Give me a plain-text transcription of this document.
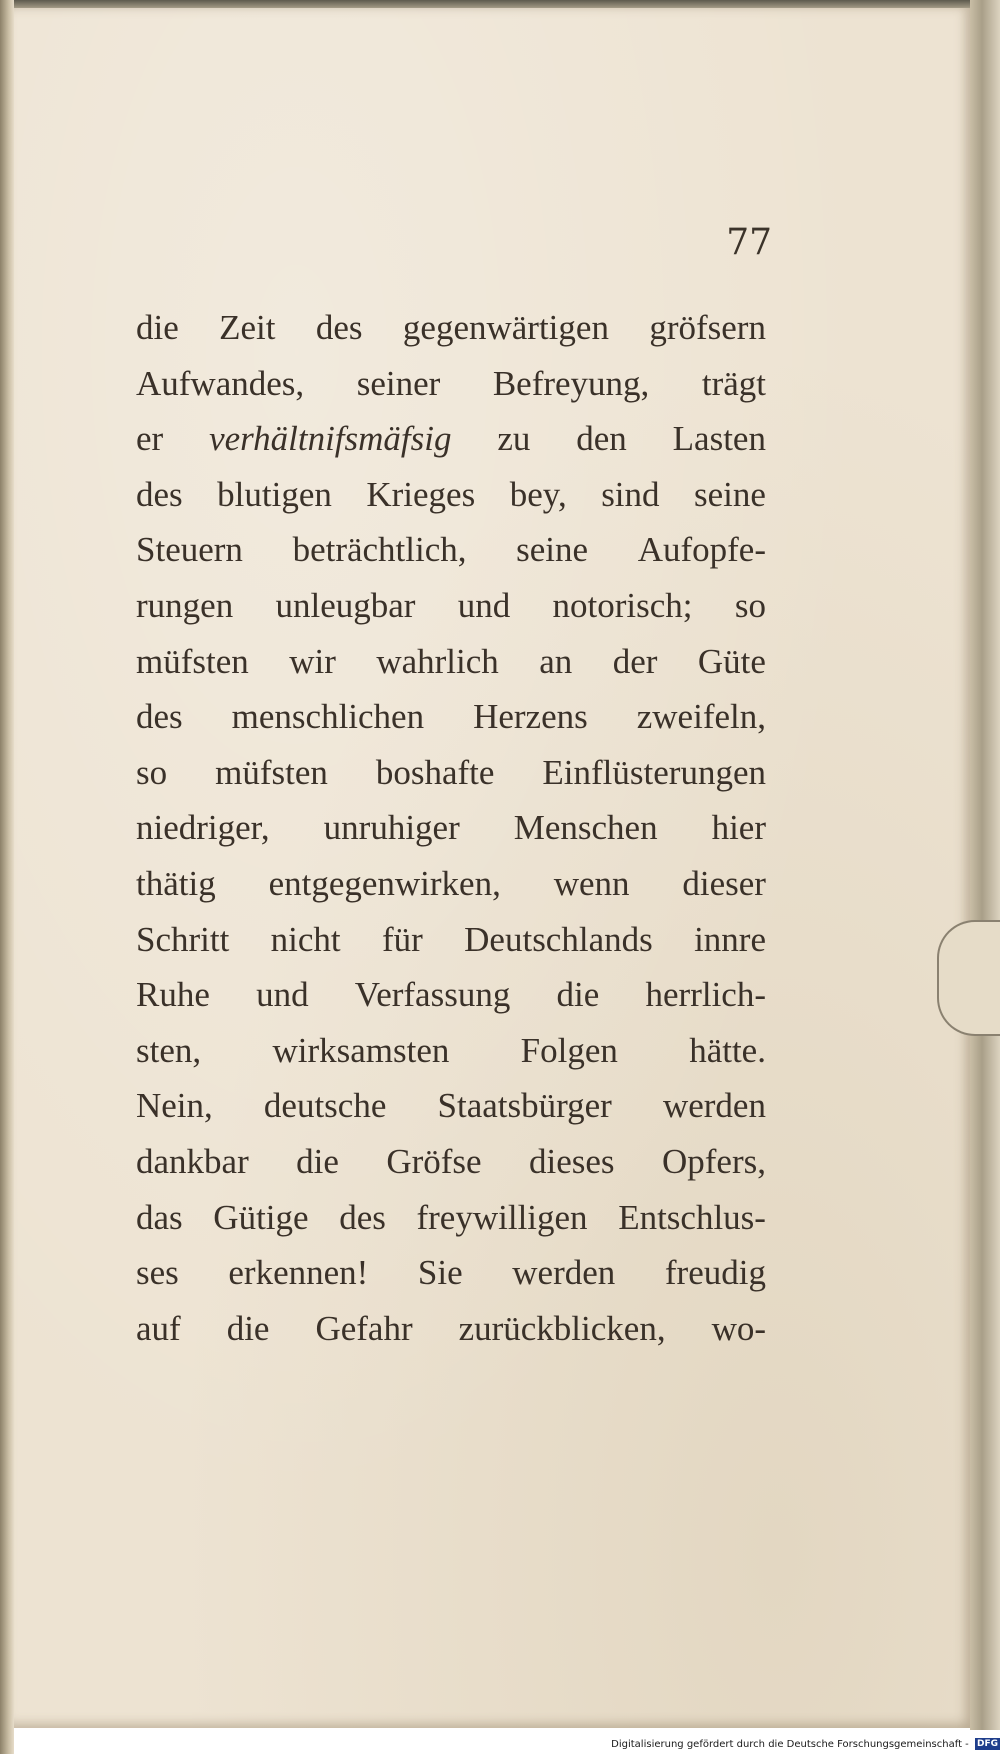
77
die Zeit des gegenwärtigen gröfsern
Aufwandes, seiner Befreyung, trägt
er verhältnifsmäfsig zu den Lasten
des blutigen Krieges bey, sind seine
Steuern beträchtlich, seine Aufopfe-
rungen unleugbar und notorisch; so
müfsten wir wahrlich an der Güte
des menschlichen Herzens zweifeln,
so müfsten boshafte Einflüsterungen
niedriger, unruhiger Menschen hier
thätig entgegenwirken, wenn dieser
Schritt nicht für Deutschlands innre
Ruhe und Verfassung die herrlich-
sten, wirksamsten Folgen hätte.
Nein, deutsche Staatsbürger werden
dankbar die Gröfse dieses Opfers,
das Gütige des freywilligen Entschlus-
ses erkennen! Sie werden freudig
auf die Gefahr zurückblicken, wo-
Digitalisierung gefördert durch die Deutsche Forschungsgemeinschaft - DFG
